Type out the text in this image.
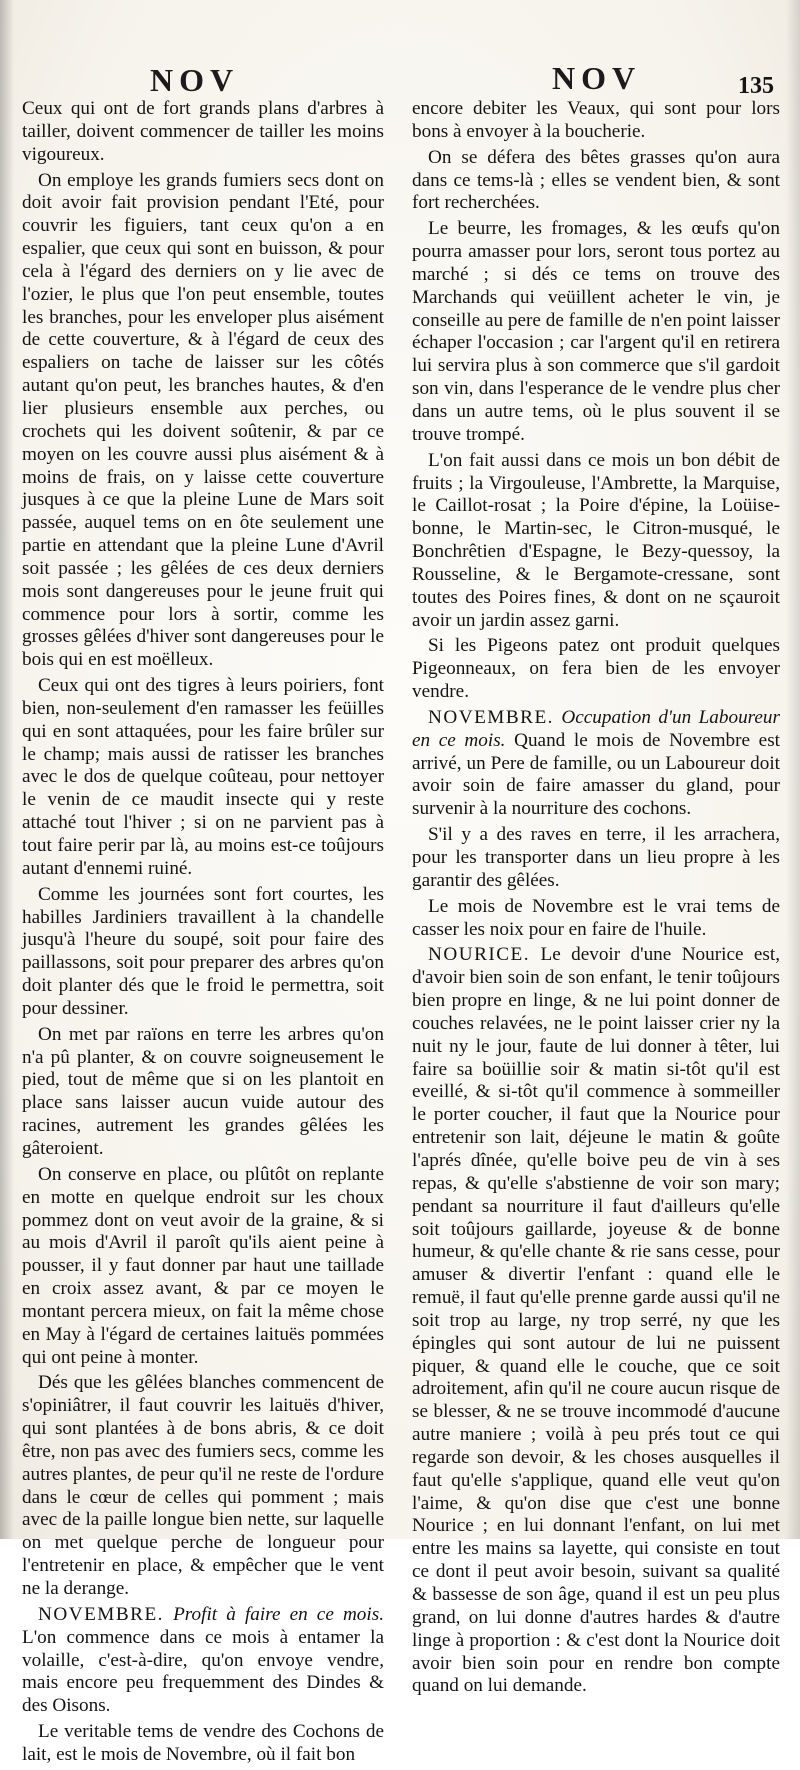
NOV	NOV	135

Ceux qui ont de fort grands plans d'arbres à tailler, doivent commencer de tailler les moins vigoureux.

On employe les grands fumiers secs dont on doit avoir fait provision pendant l'Eté, pour couvrir les figuiers, tant ceux qu'on a en espalier, que ceux qui sont en buisson, & pour cela à l'égard des derniers on y lie avec de l'ozier, le plus que l'on peut ensemble, toutes les branches, pour les enveloper plus aisément de cette couverture, & à l'égard de ceux des espaliers on tache de laisser sur les côtés autant qu'on peut, les branches hautes, & d'en lier plusieurs ensemble aux perches, ou crochets qui les doivent soûtenir, & par ce moyen on les couvre aussi plus aisément & à moins de frais, on y laisse cette couverture jusques à ce que la pleine Lune de Mars soit passée, auquel tems on en ôte seulement une partie en attendant que la pleine Lune d'Avril soit passée ; les gêlées de ces deux derniers mois sont dangereuses pour le jeune fruit qui commence pour lors à sortir, comme les grosses gêlées d'hiver sont dangereuses pour le bois qui en est moëlleux.

Ceux qui ont des tigres à leurs poiriers, font bien, non-seulement d'en ramasser les feüilles qui en sont attaquées, pour les faire brûler sur le champ; mais aussi de ratisser les branches avec le dos de quelque coûteau, pour nettoyer le venin de ce maudit insecte qui y reste attaché tout l'hiver ; si on ne parvient pas à tout faire perir par là, au moins est-ce toûjours autant d'ennemi ruiné.

Comme les journées sont fort courtes, les habilles Jardiniers travaillent à la chandelle jusqu'à l'heure du soupé, soit pour faire des paillassons, soit pour preparer des arbres qu'on doit planter dés que le froid le permettra, soit pour dessiner.

On met par raïons en terre les arbres qu'on n'a pû planter, & on couvre soigneusement le pied, tout de même que si on les plantoit en place sans laisser aucun vuide autour des racines, autrement les grandes gêlées les gâteroient.

On conserve en place, ou plûtôt on replante en motte en quelque endroit sur les choux pommez dont on veut avoir de la graine, & si au mois d'Avril il paroît qu'ils aient peine à pousser, il y faut donner par haut une taillade en croix assez avant, & par ce moyen le montant percera mieux, on fait la même chose en May à l'égard de certaines laituës pommées qui ont peine à monter.

Dés que les gêlées blanches commencent de s'opiniâtrer, il faut couvrir les laituës d'hiver, qui sont plantées à de bons abris, & ce doit être, non pas avec des fumiers secs, comme les autres plantes, de peur qu'il ne reste de l'ordure dans le cœur de celles qui pomment ; mais avec de la paille longue bien nette, sur laquelle on met quelque perche de longueur pour l'entretenir en place, & empêcher que le vent ne la derange.

NOVEMBRE. Profit à faire en ce mois. L'on commence dans ce mois à entamer la volaille, c'est-à-dire, qu'on envoye vendre, mais encore peu frequemment des Dindes & des Oisons.

Le veritable tems de vendre des Cochons de lait, est le mois de Novembre, où il fait bon

encore debiter les Veaux, qui sont pour lors bons à envoyer à la boucherie.

On se défera des bêtes grasses qu'on aura dans ce tems-là ; elles se vendent bien, & sont fort recherchées.

Le beurre, les fromages, & les œufs qu'on pourra amasser pour lors, seront tous portez au marché ; si dés ce tems on trouve des Marchands qui veüillent acheter le vin, je conseille au pere de famille de n'en point laisser échaper l'occasion ; car l'argent qu'il en retirera lui servira plus à son commerce que s'il gardoit son vin, dans l'esperance de le vendre plus cher dans un autre tems, où le plus souvent il se trouve trompé.

L'on fait aussi dans ce mois un bon débit de fruits ; la Virgouleuse, l'Ambrette, la Marquise, le Caillot-rosat ; la Poire d'épine, la Loüise-bonne, le Martin-sec, le Citron-musqué, le Bonchrêtien d'Espagne, le Bezy-quessoy, la Rousseline, & le Bergamote-cressane, sont toutes des Poires fines, & dont on ne sçauroit avoir un jardin assez garni.

Si les Pigeons patez ont produit quelques Pigeonneaux, on fera bien de les envoyer vendre.

NOVEMBRE. Occupation d'un Laboureur en ce mois. Quand le mois de Novembre est arrivé, un Pere de famille, ou un Laboureur doit avoir soin de faire amasser du gland, pour survenir à la nourriture des cochons.

S'il y a des raves en terre, il les arrachera, pour les transporter dans un lieu propre à les garantir des gêlées.

Le mois de Novembre est le vrai tems de casser les noix pour en faire de l'huile.

NOURICE. Le devoir d'une Nourice est, d'avoir bien soin de son enfant, le tenir toûjours bien propre en linge, & ne lui point donner de couches relavées, ne le point laisser crier ny la nuit ny le jour, faute de lui donner à têter, lui faire sa boüillie soir & matin si-tôt qu'il est eveillé, & si-tôt qu'il commence à sommeiller le porter coucher, il faut que la Nourice pour entretenir son lait, déjeune le matin & goûte l'aprés dînée, qu'elle boive peu de vin à ses repas, & qu'elle s'abstienne de voir son mary; pendant sa nourriture il faut d'ailleurs qu'elle soit toûjours gaillarde, joyeuse & de bonne humeur, & qu'elle chante & rie sans cesse, pour amuser & divertir l'enfant : quand elle le remuë, il faut qu'elle prenne garde aussi qu'il ne soit trop au large, ny trop serré, ny que les épingles qui sont autour de lui ne puissent piquer, & quand elle le couche, que ce soit adroitement, afin qu'il ne coure aucun risque de se blesser, & ne se trouve incommodé d'aucune autre maniere ; voilà à peu prés tout ce qui regarde son devoir, & les choses ausquelles il faut qu'elle s'applique, quand elle veut qu'on l'aime, & qu'on dise que c'est une bonne Nourice ; en lui donnant l'enfant, on lui met entre les mains sa layette, qui consiste en tout ce dont il peut avoir besoin, suivant sa qualité & bassesse de son âge, quand il est un peu plus grand, on lui donne d'autres hardes & d'autre linge à proportion : & c'est dont la Nourice doit avoir bien soin pour en rendre bon compte quand on lui demande.
